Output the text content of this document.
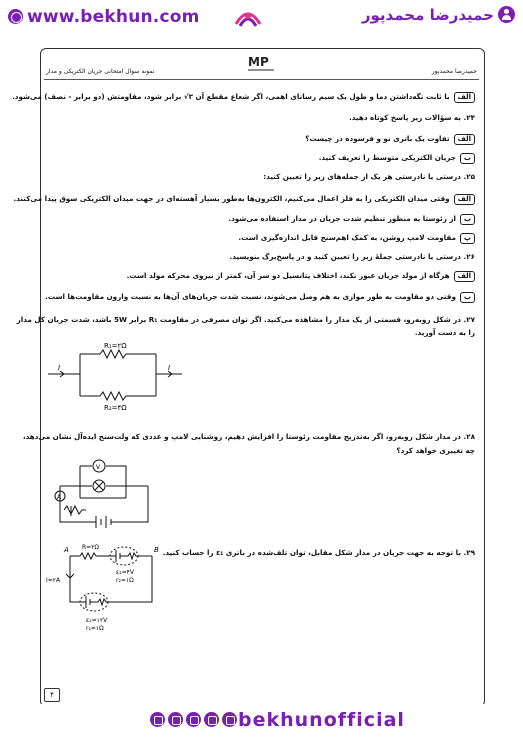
www.bekhun.com	حمیدرضا محمدپور
MP
حمیدرضا محمدپور
نمونه سوال امتحانی جریان الکتریکی و مدار
الفبا ثابت نگه‌داشتن دما و طول یک سیم رسانای اهمی، اگر شعاع مقطع آن ۳√ برابر شود، مقاومتش (دو برابر - نصف) می‌شود.
۲۴. به سؤالات زیر پاسخ کوتاه دهید.
الفتفاوت یک باتری نو و فرسوده در چیست؟
بجریان الکتریکی متوسط را تعریف کنید.
۲۵. درستی یا نادرستی هر یک از جمله‌های زیر را تعیین کنید:
الفوقتی میدان الکتریکی را به فلز اعمال می‌کنیم، الکترون‌ها به‌طور بسیار آهسته‌ای در جهت میدان الکتریکی سوق پیدا می‌کنند.
باز رئوستا به منظور تنظیم شدت جریان در مدار استفاده می‌شود.
پمقاومت لامپ روشن، به کمک اهم‌سنج قابل اندازه‌گیری است.
۲۶. درستی یا نادرستی جملهٔ زیر را تعیین کنید و در پاسخ‌برگ بنویسید.
الفهرگاه از مولد جریان عبور نکند، اختلاف پتانسیل دو سر آن، کمتر از نیروی محرکه مولد است.
بوقتی دو مقاومت به طور موازی به هم وصل می‌شوند، نسبت شدت جریان‌های آن‌ها به نسبت وارون مقاومت‌ها است.
۲۷. در شکل روبه‌رو، قسمتی از یک مدار را مشاهده می‌کنید. اگر توان مصرفی در مقاومت R₁ برابر 5W باشد، شدت جریان کل مدار
را به دست آورید.
I	I
R₁=۲Ω
R₂=۴Ω
۲۸. در مدار شکل روبه‌رو، اگر به‌تدریج مقاومت رئوستا را افزایش دهیم، روشنایی لامپ و عددی که ولت‌سنج ایده‌آل نشان می‌دهد،
چه تغییری خواهد کرد؟
V
A
۲۹. با توجه به جهت جریان در مدار شکل مقابل، توان تلف‌شده در باتری ε₁ را حساب کنید.
A	B
R=۲Ω
I=۲A
ε₂=۴V
r₂=۱Ω
ε₁=۱۲V
r₁=۱Ω
۴
bekhunofficial
